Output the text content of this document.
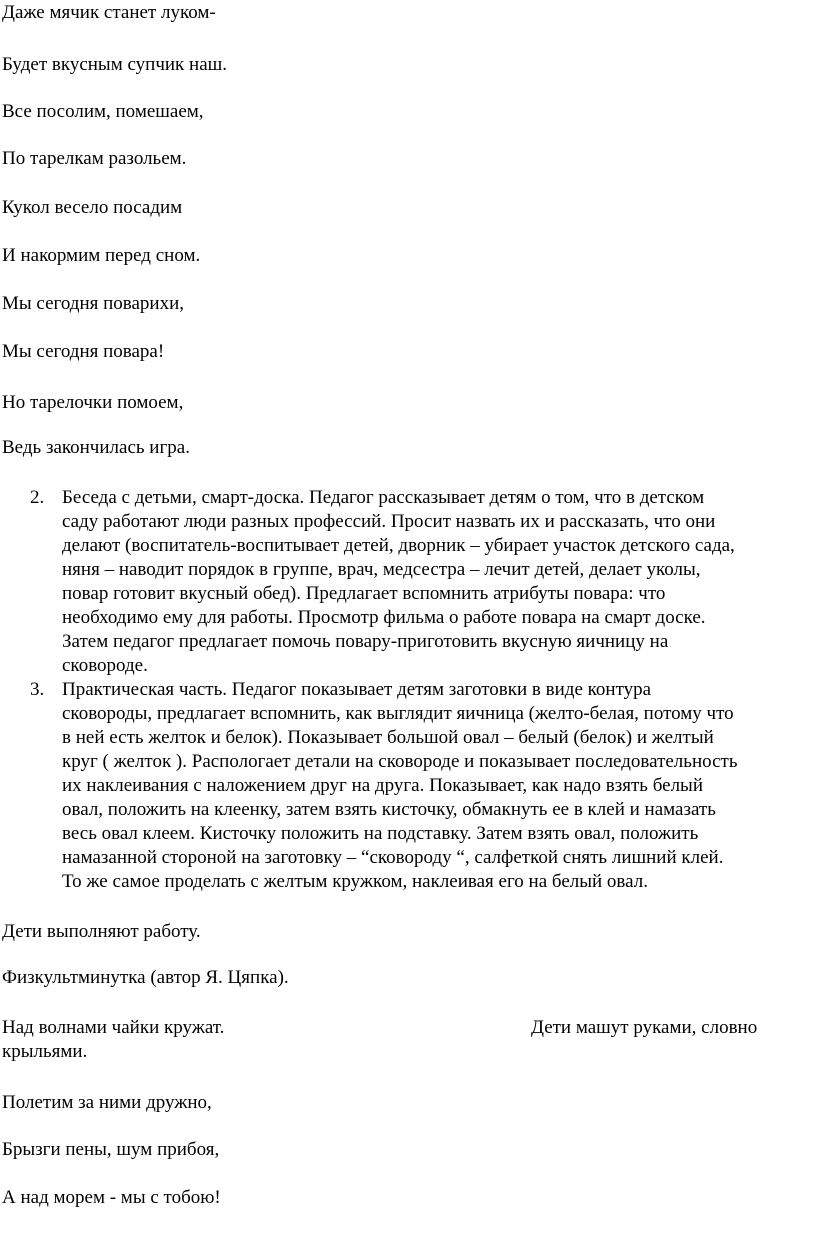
Даже мячик станет луком-
Будет вкусным супчик наш.
Все посолим, помешаем,
По тарелкам разольем.
Кукол весело посадим
И накормим перед сном.
Мы сегодня поварихи,
Мы сегодня повара!
Но тарелочки помоем,
Ведь закончилась игра.
2. Беседа с детьми, смарт-доска. Педагог рассказывает детям о том, что в детском
саду работают люди разных профессий. Просит назвать их и рассказать, что они
делают (воспитатель-воспитывает детей, дворник – убирает участок детского сада,
няня – наводит порядок в группе, врач, медсестра – лечит детей, делает уколы,
повар готовит вкусный обед). Предлагает вспомнить атрибуты повара: что
необходимо ему для работы. Просмотр фильма о работе повара на смарт доске.
Затем педагог предлагает помочь повару-приготовить вкусную яичницу на
сковороде.
3. Практическая часть. Педагог показывает детям заготовки в виде контура
сковороды, предлагает вспомнить, как выглядит яичница (желто-белая, потому что
в ней есть желток и белок). Показывает большой овал – белый (белок) и желтый
круг ( желток ). Распологает детали на сковороде и показывает последовательность
их наклеивания с наложением друг на друга. Показывает, как надо взять белый
овал, положить на клеенку, затем взять кисточку, обмакнуть ее в клей и намазать
весь овал клеем. Кисточку положить на подставку. Затем взять овал, положить
намазанной стороной на заготовку – “сковороду “, салфеткой снять лишний клей.
То же самое проделать с желтым кружком, наклеивая его на белый овал.
Дети выполняют работу.
Физкультминутка (автор Я. Цяпка).
Над волнами чайки кружат.	Дети машут руками, словно
крыльями.
Полетим за ними дружно,
Брызги пены, шум прибоя,
А над морем - мы с тобою!
